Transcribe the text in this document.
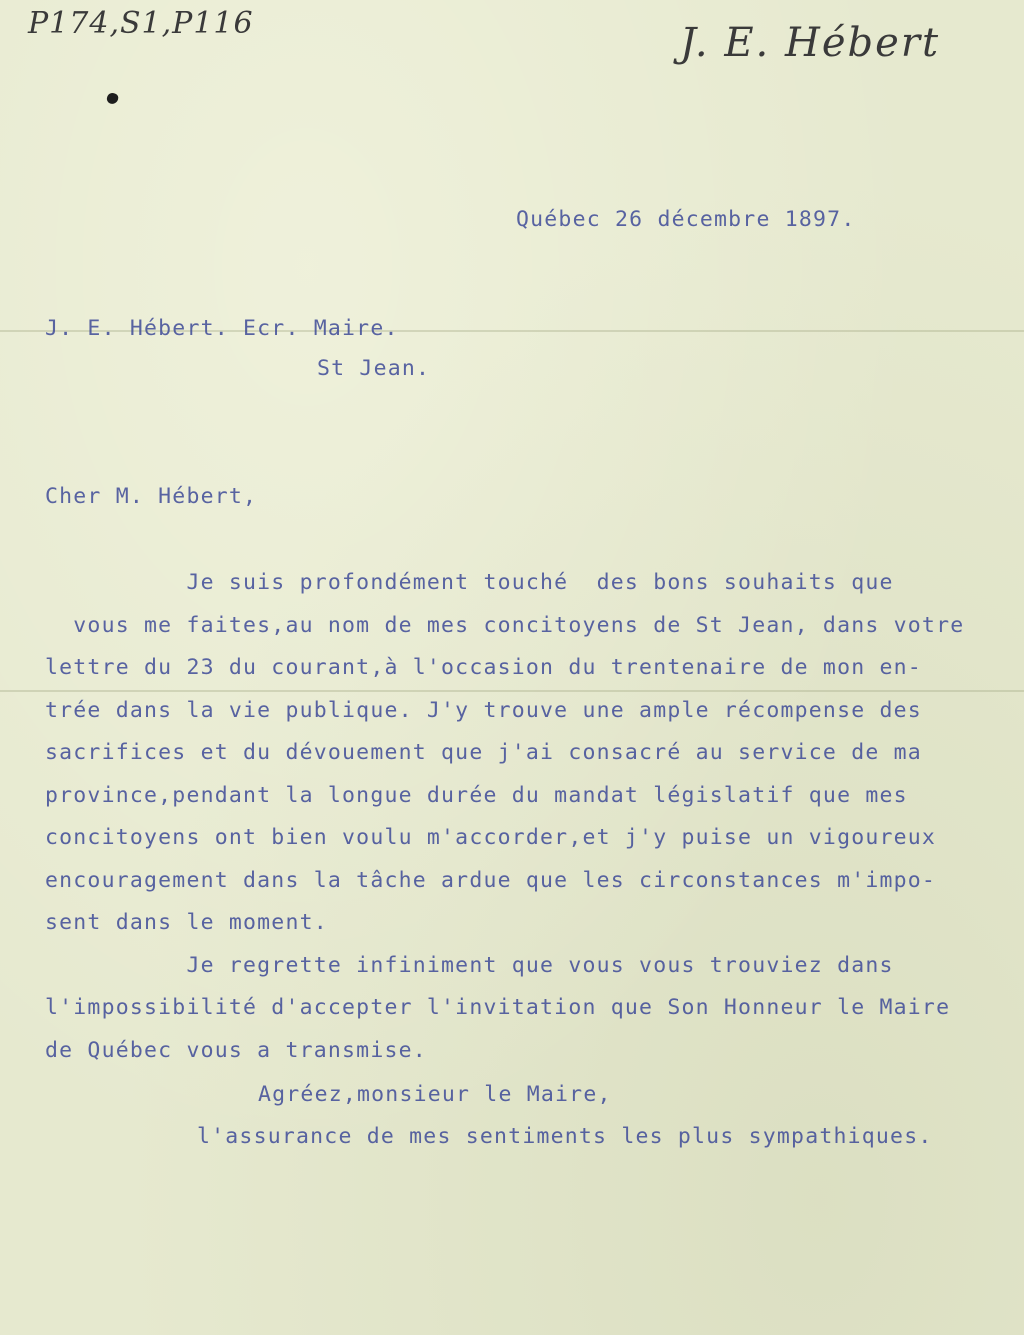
P174,S1,P116	J. E. Hébert
Québec 26 décembre 1897.
J. E. Hébert. Ecr. Maire.
St Jean.
Cher M. Hébert,
Je suis profondément touché  des bons souhaits que
vous me faites,au nom de mes concitoyens de St Jean, dans votre
lettre du 23 du courant,à l'occasion du trentenaire de mon en-
trée dans la vie publique. J'y trouve une ample récompense des
sacrifices et du dévouement que j'ai consacré au service de ma
province,pendant la longue durée du mandat législatif que mes
concitoyens ont bien voulu m'accorder,et j'y puise un vigoureux
encouragement dans la tâche ardue que les circonstances m'impo-
sent dans le moment.
Je regrette infiniment que vous vous trouviez dans
l'impossibilité d'accepter l'invitation que Son Honneur le Maire
de Québec vous a transmise.
Agréez,monsieur le Maire,
l'assurance de mes sentiments les plus sympathiques.
